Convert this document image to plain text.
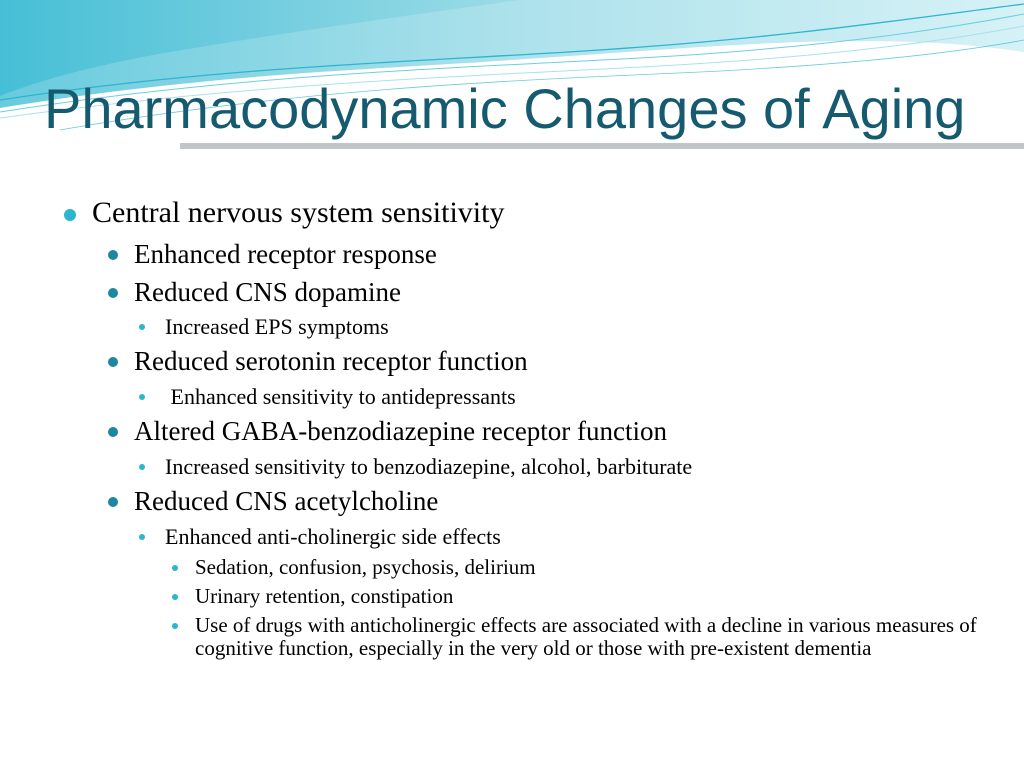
Pharmacodynamic Changes of Aging

Central nervous system sensitivity

Enhanced receptor response

Reduced CNS dopamine

Increased EPS symptoms

Reduced serotonin receptor function

Enhanced sensitivity to antidepressants

Altered GABA-benzodiazepine receptor function

Increased sensitivity to benzodiazepine, alcohol, barbiturate

Reduced CNS acetylcholine

Enhanced anti-cholinergic side effects

Sedation, confusion, psychosis, delirium

Urinary retention, constipation

Use of drugs with anticholinergic effects are associated with a decline in various measures of cognitive function, especially in the very old or those with pre-existent dementia
